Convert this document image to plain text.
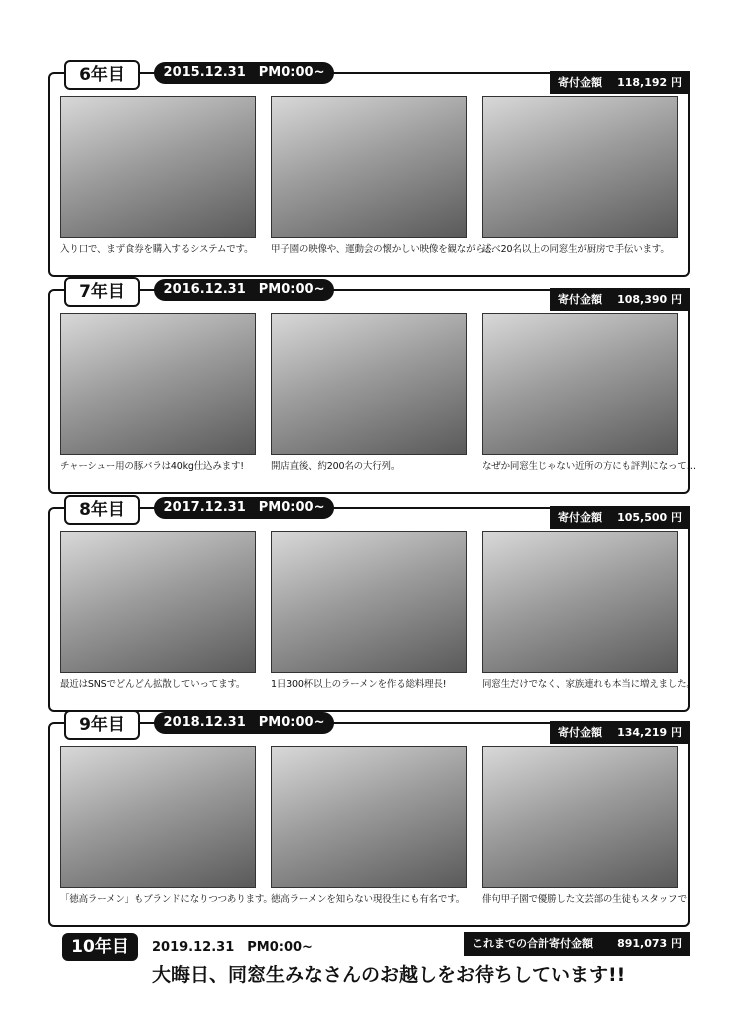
6年目	2015.12.31　PM0:00~
寄付金額 118,192 円
入り口で、まず食券を購入するシステムです。	甲子園の映像や、運動会の懐かしい映像を観ながら…
述べ20名以上の同窓生が厨房で手伝います。
7年目	2016.12.31　PM0:00~
寄付金額 108,390 円
チャーシュー用の豚バラは40kg仕込みます!	開店直後、約200名の大行列。	なぜか同窓生じゃない近所の方にも評判になって…
8年目	2017.12.31　PM0:00~
寄付金額 105,500 円
最近はSNSでどんどん拡散していってます。	1日300杯以上のラーメンを作る総料理長!	同窓生だけでなく、家族連れも本当に増えました。
9年目	2018.12.31　PM0:00~
寄付金額 134,219 円
「徳高ラーメン」もブランドになりつつあります。
徳高ラーメンを知らない現役生にも有名です。	俳句甲子園で優勝した文芸部の生徒もスタッフで!
10年目	2019.12.31　PM0:00~	これまでの合計寄付金額 891,073 円
大晦日、同窓生みなさんのお越しをお待ちしています!!
